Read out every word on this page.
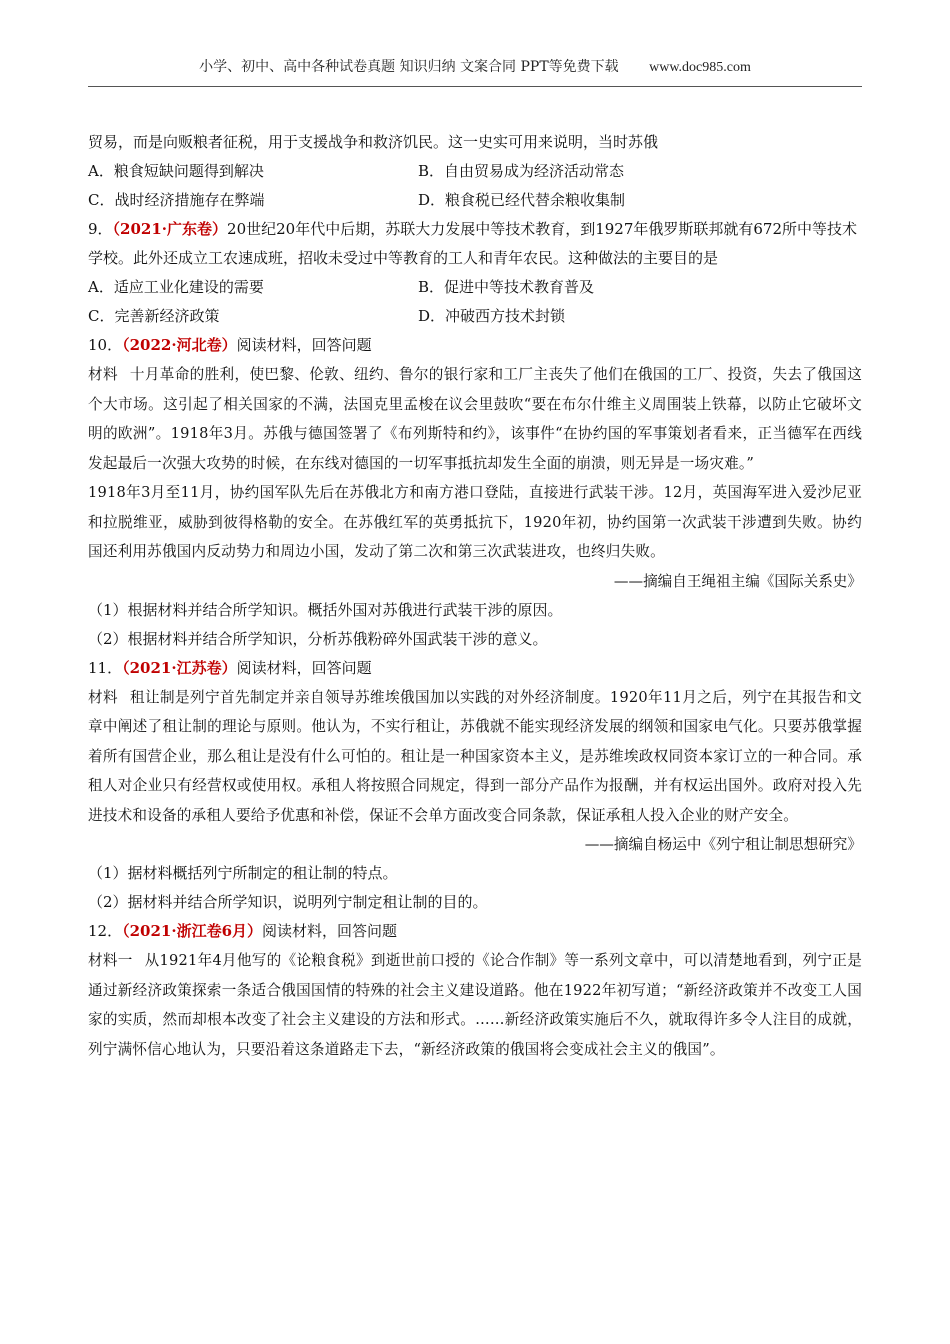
小学、初中、高中各种试卷真题 知识归纳 文案合同 PPT等免费下载 www.doc985.com
贸易，而是向贩粮者征税，用于支援战争和救济饥民。这一史实可用来说明，当时苏俄
A．粮食短缺问题得到解决	B．自由贸易成为经济活动常态
C．战时经济措施存在弊端	D．粮食税已经代替余粮收集制
9．（2021·广东卷）20世纪20年代中后期，苏联大力发展中等技术教育，到1927年俄罗斯联邦就有672所中等技术学校。此外还成立工农速成班，招收未受过中等教育的工人和青年农民。这种做法的主要目的是
A．适应工业化建设的需要	B．促进中等技术教育普及
C．完善新经济政策	D．冲破西方技术封锁
10．（2022·河北卷）阅读材料，回答问题
材料 十月革命的胜利，使巴黎、伦敦、纽约、鲁尔的银行家和工厂主丧失了他们在俄国的工厂、投资，失去了俄国这个大市场。这引起了相关国家的不满，法国克里孟梭在议会里鼓吹“要在布尔什维主义周围装上铁幕，以防止它破坏文明的欧洲”。1918年3月。苏俄与德国签署了《布列斯特和约》，该事件“在协约国的军事策划者看来，正当德军在西线发起最后一次强大攻势的时候，在东线对德国的一切军事抵抗却发生全面的崩溃，则无异是一场灾难。”
1918年3月至11月，协约国军队先后在苏俄北方和南方港口登陆，直接进行武装干涉。12月，英国海军进入爱沙尼亚和拉脱维亚，威胁到彼得格勒的安全。在苏俄红军的英勇抵抗下，1920年初，协约国第一次武装干涉遭到失败。协约国还利用苏俄国内反动势力和周边小国，发动了第二次和第三次武装进攻，也终归失败。
——摘编自王绳祖主编《国际关系史》
（1）根据材料并结合所学知识。概括外国对苏俄进行武装干涉的原因。
（2）根据材料并结合所学知识，分析苏俄粉碎外国武装干涉的意义。
11．（2021·江苏卷）阅读材料，回答问题
材料 租让制是列宁首先制定并亲自领导苏维埃俄国加以实践的对外经济制度。1920年11月之后，列宁在其报告和文章中阐述了租让制的理论与原则。他认为，不实行租让，苏俄就不能实现经济发展的纲领和国家电气化。只要苏俄掌握着所有国营企业，那么租让是没有什么可怕的。租让是一种国家资本主义，是苏维埃政权同资本家订立的一种合同。承租人对企业只有经营权或使用权。承租人将按照合同规定，得到一部分产品作为报酬，并有权运出国外。政府对投入先进技术和设备的承租人要给予优惠和补偿，保证不会单方面改变合同条款，保证承租人投入企业的财产安全。
——摘编自杨运中《列宁租让制思想研究》
（1）据材料概括列宁所制定的租让制的特点。
（2）据材料并结合所学知识，说明列宁制定租让制的目的。
12．（2021·浙江卷6月）阅读材料，回答问题
材料一 从1921年4月他写的《论粮食税》到逝世前口授的《论合作制》等一系列文章中，可以清楚地看到，列宁正是通过新经济政策探索一条适合俄国国情的特殊的社会主义建设道路。他在1922年初写道；“新经济政策并不改变工人国家的实质，然而却根本改变了社会主义建设的方法和形式。……新经济政策实施后不久，就取得许多令人注目的成就，列宁满怀信心地认为，只要沿着这条道路走下去，“新经济政策的俄国将会变成社会主义的俄国”。
